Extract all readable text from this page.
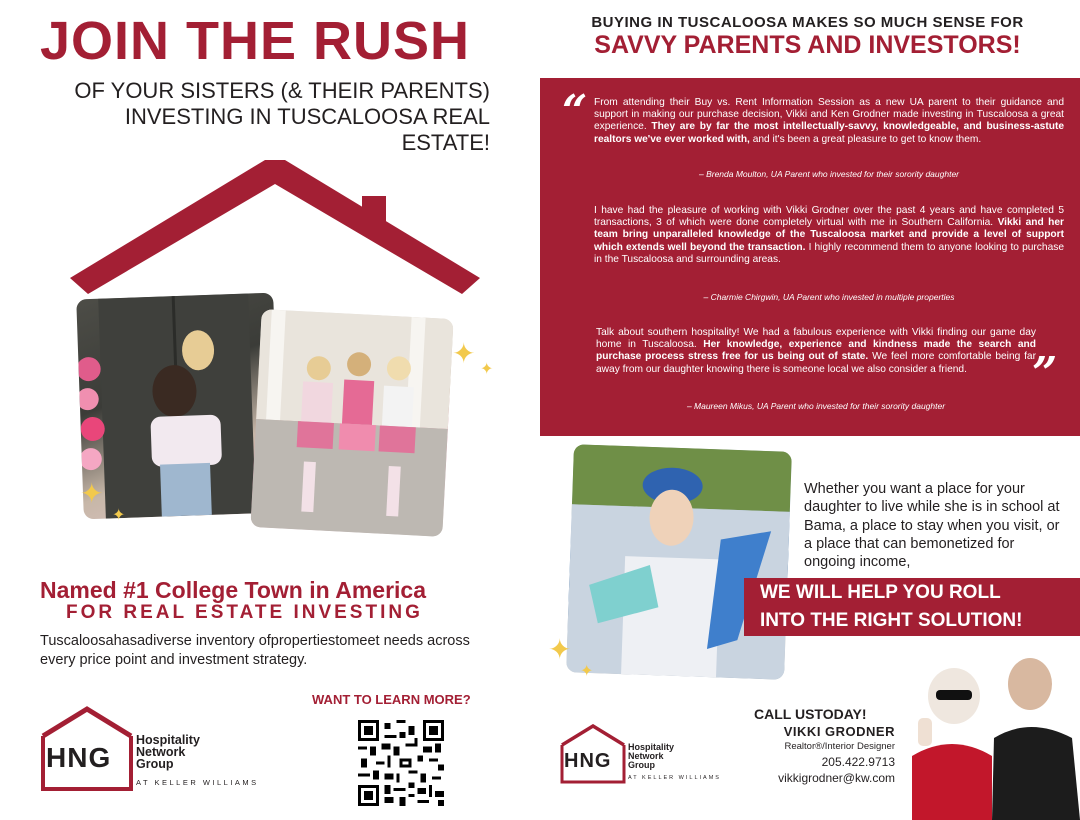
JOIN THE RUSH
OF YOUR SISTERS (& THEIR PARENTS)
INVESTING IN TUSCALOOSA REAL ESTATE!
✦
✦
✦
✦
Named #1 College Town in America
FOR REAL ESTATE INVESTING
Tuscaloosahasadiverse inventory ofpropertiestomeet needs across every price point and investment strategy.
WANT TO LEARN MORE?
HNG
Hospitality
Network
Group
AT KELLER WILLIAMS
BUYING IN TUSCALOOSA MAKES SO MUCH SENSE FOR
SAVVY PARENTS AND INVESTORS!
“ From attending their Buy vs. Rent Information Session as a new UA parent to their guidance and support in making our purchase decision, Vikki and Ken Grodner made investing in Tuscaloosa a great experience. They are by far the most intellectually-savvy, knowledgeable, and business-astute realtors we've ever worked with, and it's been a great pleasure to get to know them.
– Brenda Moulton, UA Parent who invested for their sorority daughter
I have had the pleasure of working with Vikki Grodner over the past 4 years and have completed 5 transactions, 3 of which were done completely virtual with me in Southern California. Vikki and her team bring unparalleled knowledge of the Tuscaloosa market and provide a level of support which extends well beyond the transaction. I highly recommend them to anyone looking to purchase in the Tuscaloosa and surrounding areas.
– Charmie Chirgwin, UA Parent who invested in multiple properties
Talk about southern hospitality! We had a fabulous experience with Vikki finding our game day home in Tuscaloosa. Her knowledge, experience and kindness made the search and purchase process stress free for us being out of state. We feel more comfortable being far away from our daughter knowing there is someone local we also consider a friend.
– Maureen Mikus, UA Parent who invested for their sorority daughter
”
✦
✦
Whether you want a place for your daughter to live while she is in school at Bama, a place to stay when you visit, or a place that can bemonetized for ongoing income,
WE WILL HELP YOU ROLL
INTO THE RIGHT SOLUTION!
HNG
Hospitality
Network
Group
AT KELLER WILLIAMS
CALL USTODAY!
VIKKI GRODNER
Realtor®/Interior Designer
205.422.9713
vikkigrodner@kw.com
